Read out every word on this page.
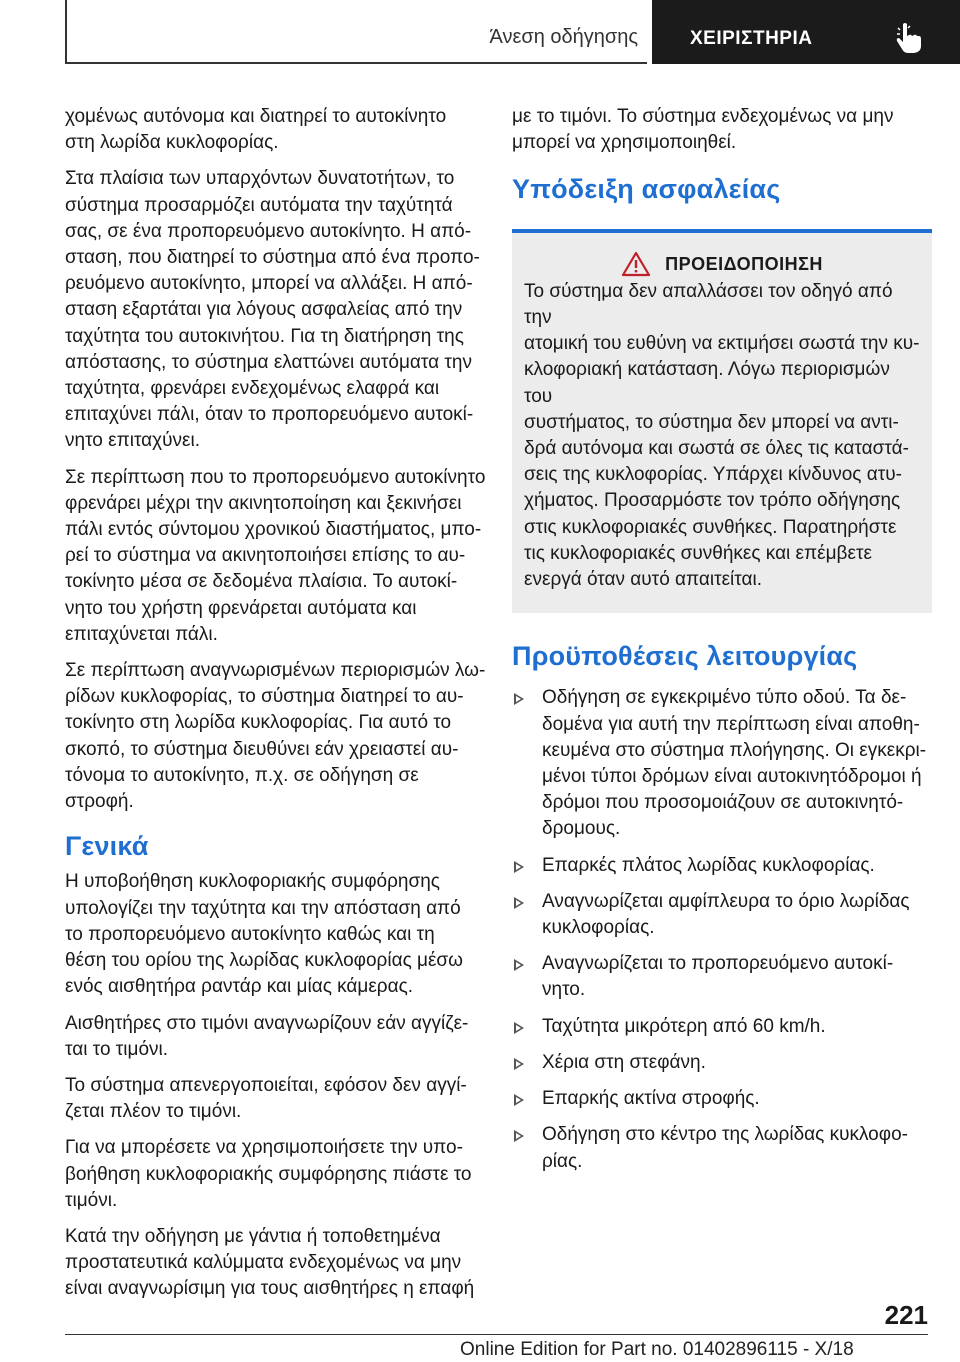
Άνεση οδήγησης	ΧΕΙΡΙΣΤΗΡΙΑ

χομένως αυτόνομα και διατηρεί το αυτοκίνητο
στη λωρίδα κυκλοφορίας.

Στα πλαίσια των υπαρχόντων δυνατοτήτων, το
σύστημα προσαρμόζει αυτόματα την ταχύτητά
σας, σε ένα προπορευόμενο αυτοκίνητο. Η από-
σταση, που διατηρεί το σύστημα από ένα προπο-
ρευόμενο αυτοκίνητο, μπορεί να αλλάξει. Η από-
σταση εξαρτάται για λόγους ασφαλείας από την
ταχύτητα του αυτοκινήτου. Για τη διατήρηση της
απόστασης, το σύστημα ελαττώνει αυτόματα την
ταχύτητα, φρενάρει ενδεχομένως ελαφρά και
επιταχύνει πάλι, όταν το προπορευόμενο αυτοκί-
νητο επιταχύνει.

Σε περίπτωση που το προπορευόμενο αυτοκίνητο
φρενάρει μέχρι την ακινητοποίηση και ξεκινήσει
πάλι εντός σύντομου χρονικού διαστήματος, μπο-
ρεί το σύστημα να ακινητοποιήσει επίσης το αυ-
τοκίνητο μέσα σε δεδομένα πλαίσια. Το αυτοκί-
νητο του χρήστη φρενάρεται αυτόματα και
επιταχύνεται πάλι.

Σε περίπτωση αναγνωρισμένων περιορισμών λω-
ρίδων κυκλοφορίας, το σύστημα διατηρεί το αυ-
τοκίνητο στη λωρίδα κυκλοφορίας. Για αυτό το
σκοπό, το σύστημα διευθύνει εάν χρειαστεί αυ-
τόνομα το αυτοκίνητο, π.χ. σε οδήγηση σε
στροφή.

Γενικά

Η υποβοήθηση κυκλοφοριακής συμφόρησης
υπολογίζει την ταχύτητα και την απόσταση από
το προπορευόμενο αυτοκίνητο καθώς και τη
θέση του ορίου της λωρίδας κυκλοφορίας μέσω
ενός αισθητήρα ραντάρ και μίας κάμερας.

Αισθητήρες στο τιμόνι αναγνωρίζουν εάν αγγίζε-
ται το τιμόνι.

Το σύστημα απενεργοποιείται, εφόσον δεν αγγί-
ζεται πλέον το τιμόνι.

Για να μπορέσετε να χρησιμοποιήσετε την υπο-
βοήθηση κυκλοφοριακής συμφόρησης πιάστε το
τιμόνι.

Κατά την οδήγηση με γάντια ή τοποθετημένα
προστατευτικά καλύμματα ενδεχομένως να μην
είναι αναγνωρίσιμη για τους αισθητήρες η επαφή

με το τιμόνι. Το σύστημα ενδεχομένως να μην
μπορεί να χρησιμοποιηθεί.

Υπόδειξη ασφαλείας
ΠΡΟΕΙΔΟΠΟΙΗΣΗ

Το σύστημα δεν απαλλάσσει τον οδηγό από την
ατομική του ευθύνη να εκτιμήσει σωστά την κυ-
κλοφοριακή κατάσταση. Λόγω περιορισμών του
συστήματος, το σύστημα δεν μπορεί να αντι-
δρά αυτόνομα και σωστά σε όλες τις καταστά-
σεις της κυκλοφορίας. Υπάρχει κίνδυνος ατυ-
χήματος. Προσαρμόστε τον τρόπο οδήγησης
στις κυκλοφοριακές συνθήκες. Παρατηρήστε
τις κυκλοφοριακές συνθήκες και επέμβετε
ενεργά όταν αυτό απαιτείται.

Προϋποθέσεις λειτουργίας
Οδήγηση σε εγκεκριμένο τύπο οδού. Τα δε-
δομένα για αυτή την περίπτωση είναι αποθη-
κευμένα στο σύστημα πλοήγησης. Οι εγκεκρι-
μένοι τύποι δρόμων είναι αυτοκινητόδρομοι ή
δρόμοι που προσομοιάζουν σε αυτοκινητό-
δρομους.
Επαρκές πλάτος λωρίδας κυκλοφορίας.
Αναγνωρίζεται αμφίπλευρα το όριο λωρίδας
κυκλοφορίας.
Αναγνωρίζεται το προπορευόμενο αυτοκί-
νητο.
Ταχύτητα μικρότερη από 60 km/h.
Χέρια στη στεφάνη.
Επαρκής ακτίνα στροφής.
Οδήγηση στο κέντρο της λωρίδας κυκλοφο-
ρίας.
221
Online Edition for Part no. 01402896115 - X/18
